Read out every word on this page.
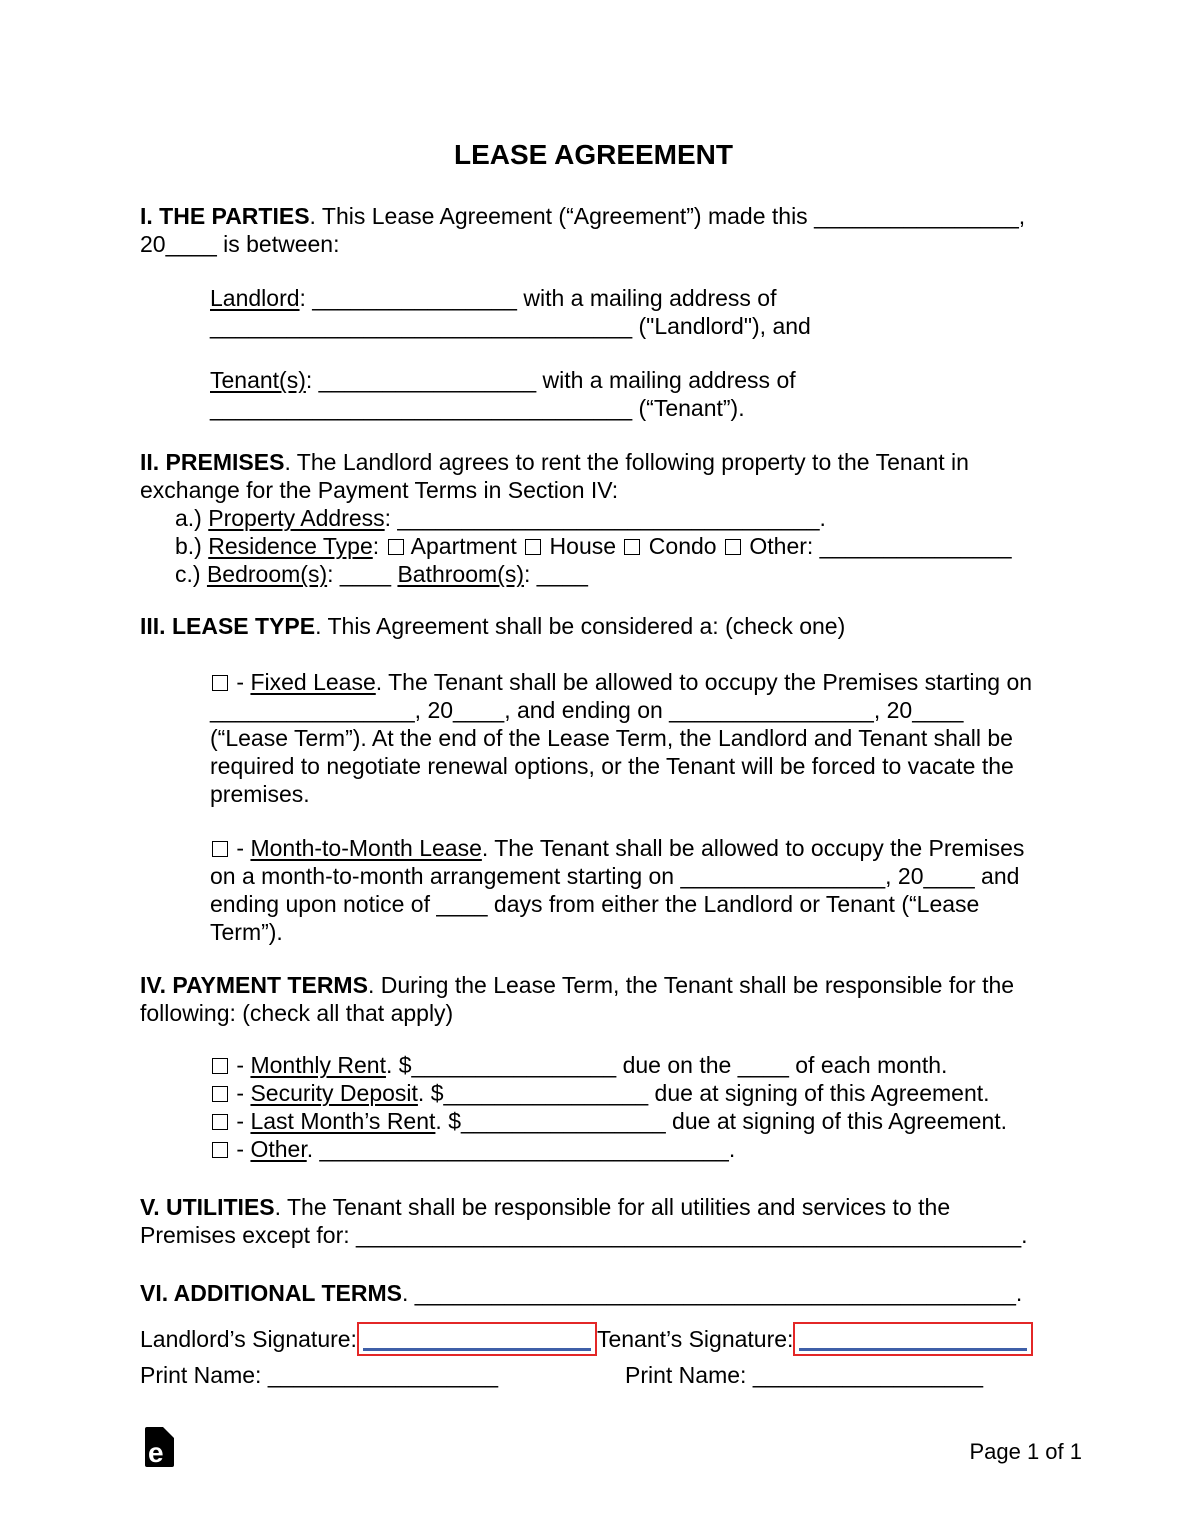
LEASE AGREEMENT

I. THE PARTIES. This Lease Agreement (“Agreement”) made this ________________,
20____ is between:

Landlord: ________________ with a mailing address of
_________________________________ ("Landlord"), and

Tenant(s): _________________ with a mailing address of
_________________________________ (“Tenant”).

II. PREMISES. The Landlord agrees to rent the following property to the Tenant in
exchange for the Payment Terms in Section IV:
a.) Property Address: _________________________________.
b.) Residence Type:  Apartment  House  Condo  Other: _______________
c.) Bedroom(s): ____ Bathroom(s): ____

III. LEASE TYPE. This Agreement shall be considered a: (check one)

- Fixed Lease. The Tenant shall be allowed to occupy the Premises starting on
________________, 20____, and ending on ________________, 20____
(“Lease Term”). At the end of the Lease Term, the Landlord and Tenant shall be
required to negotiate renewal options, or the Tenant will be forced to vacate the
premises.

- Month-to-Month Lease. The Tenant shall be allowed to occupy the Premises
on a month-to-month arrangement starting on ________________, 20____ and
ending upon notice of ____ days from either the Landlord or Tenant (“Lease
Term”).

IV. PAYMENT TERMS. During the Lease Term, the Tenant shall be responsible for the
following: (check all that apply)

- Monthly Rent. $________________ due on the ____ of each month.
- Security Deposit. $________________ due at signing of this Agreement.
- Last Month’s Rent. $________________ due at signing of this Agreement.
- Other. ________________________________.

V. UTILITIES. The Tenant shall be responsible for all utilities and services to the
Premises except for: ____________________________________________________.

VI. ADDITIONAL TERMS. _______________________________________________.

Landlord’s Signature:	Tenant’s Signature:
Print Name: __________________	Print Name: __________________
e	Page 1 of 1
